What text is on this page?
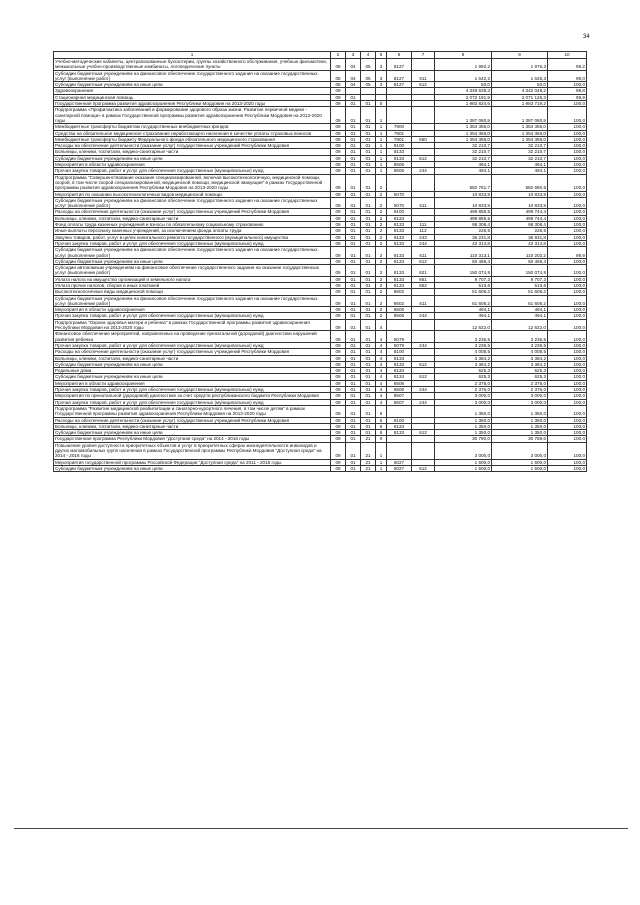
34
1	2	3	4	5	6	7	8	9	10
Учебно-методические кабинеты, централизованные бухгалтерии, группы хозяйственного обслуживания, учебные фильмотеки, межшкольные учебно-производственные комбинаты, логопедические пункты	08	04	05	3	8127		1 992,2	1 976,3	99,2
Субсидии бюджетным учреждениям на финансовое обеспечение государственного задания на оказание государственных услуг (выполнение работ)	08	04	05	3	8127	611	1 642,2	1 626,3	99,0
Субсидии бюджетным учреждениям на иные цели	08	04	05	3	8127	612	50,0	50,0	100,0
Здравоохранение	09						4 349 538,3	4 342 048,2	99,8
Стационарная медицинская помощь	09	01					2 072 191,9	2 071 126,3	99,9
Государственная программа развития здравоохранения Республики Мордовия на 2013-2020 годы	09	01	01	0			1 983 824,6	1 983 719,2	100,0
Подпрограмма «Профилактика заболеваний и формирование здорового образа жизни. Развитие первичной медико - санитарной помощи» в рамках Государственной программы развития здравоохранения Республики Мордовия на 2013-2020 годы	09	01	01	1			1 387 060,8	1 387 060,8	100,0
Межбюджетные трансферты бюджетам государственных внебюджетных фондов	09	01	01	1	7900		1 354 356,0	1 354 356,0	100,0
Средства на обязательное медицинское страхование неработающего населения в качестве уплаты страховых взносов	09	01	01	1	7901		1 354 356,0	1 354 356,0	100,0
Межбюджетные трансферты бюджету Федерального фонда обязательного медицинского страхования	09	01	01	1	7901	560	1 354 356,0	1 354 356,0	100,0
Расходы на обеспечение деятельности (оказание услуг) государственных учреждений Республики Мордовия	09	01	01	1	8100		32 210,7	32 210,7	100,0
Больницы, клиники, госпитали, медико-санитарные части	09	01	01	1	8133		32 210,7	32 210,7	100,0
Субсидии бюджетным учреждениям на иные цели	09	01	01	1	8133	612	32 210,7	32 210,7	100,0
Мероприятия в области здравоохранения	09	01	01	1	8506		494,1	494,1	100,0
Прочая закупка товаров, работ и услуг для обеспечения государственных (муниципальных) нужд	09	01	01	1	8506	244	494,1	494,1	100,0
Подпрограмма "Совершенствование оказания специализированной, включая высокотехнологичную, медицинской помощи, скорой, в том числе скорой специализированной, медицинской помощи, медицинской эвакуации" в рамках Государственной программы развития здравоохранения Республики Мордовия на 2013-2020 годы	09	01	01	2			582 761,7	582 680,6	100,0
Мероприятия по оказанию высокотехнологичных видов медицинской помощи	09	01	01	2	5070		10 833,9	10 833,9	100,0
Субсидии бюджетным учреждениям на финансовое обеспечение государственного задания на оказание государственных услуг (выполнение работ)	09	01	01	2	5070	611	10 833,9	10 833,9	100,0
Расходы на обеспечение деятельности (оказание услуг) государственных учреждений Республики Мордовия	09	01	01	2	8100		499 855,5	499 744,4	100,0
Больницы, клиники, госпитали, медико-санитарные части	09	01	01	2	8133		499 855,5	499 744,4	100,0
Фонд оплаты труда казенных учреждений и взносы по обязательному социальному страхованию	09	01	01	2	8133	111	98 308,4	98 308,4	100,0
Иные выплаты персоналу казенных учреждений, за исключением фонда оплаты труда	09	01	01	2	8133	112	226,5	226,5	100,0
Закупка товаров, работ, услуг в целях капитального ремонта государственного (муниципального) имущества	09	01	01	2	8133	243	36 231,8	36 931,8	100,0
Прочая закупка товаров, работ и услуг для обеспечения государственных (муниципальных) нужд	09	01	01	2	8133	244	43 314,8	43 314,8	100,0
Субсидии бюджетным учреждениям на финансовое обеспечение государственного задания на оказание государственных услуг (выполнение работ)	09	01	01	2	8133	611	110 313,1	110 202,2	99,9
Субсидии бюджетным учреждениям на иные цели	09	01	01	2	8133	612	50 468,4	50 468,4	100,0
Субсидии автономным учреждениям на финансовое обеспечение государственного задания на оказание государственных услуг (выполнение работ)	09	01	01	2	8133	621	150 074,8	150 074,8	100,0
Уплата налога на имущество организаций и земельного налога	09	01	01	2	8133	851	9 707,3	9 707,3	100,0
Уплата прочих налогов, сборов и иных платежей	09	01	01	2	8133	852	513,6	513,6	100,0
Высокотехнологичные виды медицинской помощи	09	01	01	2	8602		51 606,2	51 606,2	100,0
Субсидии бюджетным учреждениям на финансовое обеспечение государственного задания на оказание государственных услуг (выполнение работ)	09	01	01	2	8602	611	51 606,2	51 606,2	100,0
Мероприятия в области здравоохранения	09	01	01	2	8506		494,1	494,1	100,0
Прочая закупка товаров, работ и услуг для обеспечения государственных (муниципальных) нужд	09	01	01	2	8506	244	494,1	494,1	100,0
Подпрограмма "Охрана здоровья матери и ребенка" в рамках Государственной программы развития здравоохранения Республики Мордовия на 2013-2020 годы	09	01	01	4			12 622,0	12 622,0	100,0
Финансовое обеспечение мероприятий, направленных на проведение пренатальной (дородовой) диагностики нарушений развития ребенка	09	01	01	4	5079		3 236,5	3 236,5	100,0
Прочая закупка товаров, работ и услуг для обеспечения государственных (муниципальных) нужд	09	01	01	4	5079	244	3 236,5	3 236,5	100,0
Расходы на обеспечение деятельности (оказание услуг) государственных учреждений Республики Мордовия	09	01	01	4	8100		4 008,5	4 008,5	100,0
Больницы, клиники, госпитали, медико-санитарные части	09	01	01	4	8133		3 384,2	3 384,2	100,0
Субсидии бюджетным учреждениям на иные цели	09	01	01	4	8133	612	3 384,2	3 384,2	100,0
Родильные дома	09	01	01	4	8134		625,3	625,3	100,0
Субсидии бюджетным учреждениям на иные цели	09	01	01	4	8134	612	625,3	625,3	100,0
Мероприятия в области здравоохранения	09	01	01	4	8506		2 376,0	2 376,0	100,0
Прочая закупка товаров, работ и услуг для обеспечения государственных (муниципальных) нужд	09	01	01	4	8506	244	2 376,0	2 376,0	100,0
Мероприятия по пренатальной (дородовой) диагностике за счет средств республиканского бюджета Республики Мордовия	09	01	01	4	8507		3 000,0	3 000,0	100,0
Прочая закупка товаров, работ и услуг для обеспечения государственных (муниципальных) нужд	09	01	01	4	8507	244	3 000,0	3 000,0	100,0
Подпрограмма "Развитие медицинской реабилитации и санаторно-курортного лечения, в том числе детям" в рамках Государственной программы развития здравоохранения Республики Мордовия на 2013-2020 годы	09	01	01	5			1 350,0	1 350,0	100,0
Расходы на обеспечение деятельности (оказание услуг) государственных учреждений Республики Мордовия	09	01	01	5	8100		1 350,0	1 350,0	100,0
Больницы, клиники, госпитали, медико-санитарные части	09	01	01	5	8133		1 350,0	1 350,0	100,0
Субсидии бюджетным учреждениям на иные цели	09	01	01	5	8133	612	1 350,0	1 350,0	100,0
Государственная программа Республики Мордовия "Доступная среда" на 2014 - 2016 годы	09	01	21	0			30 790,0	30 789,6	100,0
Повышение уровня доступности приоритетных объектов и услуг в приоритетных сферах жизнедеятельности инвалидов и других маломобильных групп населения в рамках Государственной программы Республики Мордовия "Доступная среда" на 2014 - 2016 годы	09	01	21	1			3 000,0	3 000,0	100,0
Мероприятия государственной программы Российской Федерации "Доступная среда" на 2011 - 2015 годы	09	01	21	1	5027		1 500,0	1 500,0	100,0
Субсидии бюджетным учреждениям на иные цели	09	01	21	1	5027	612	1 500,0	1 500,0	100,0
